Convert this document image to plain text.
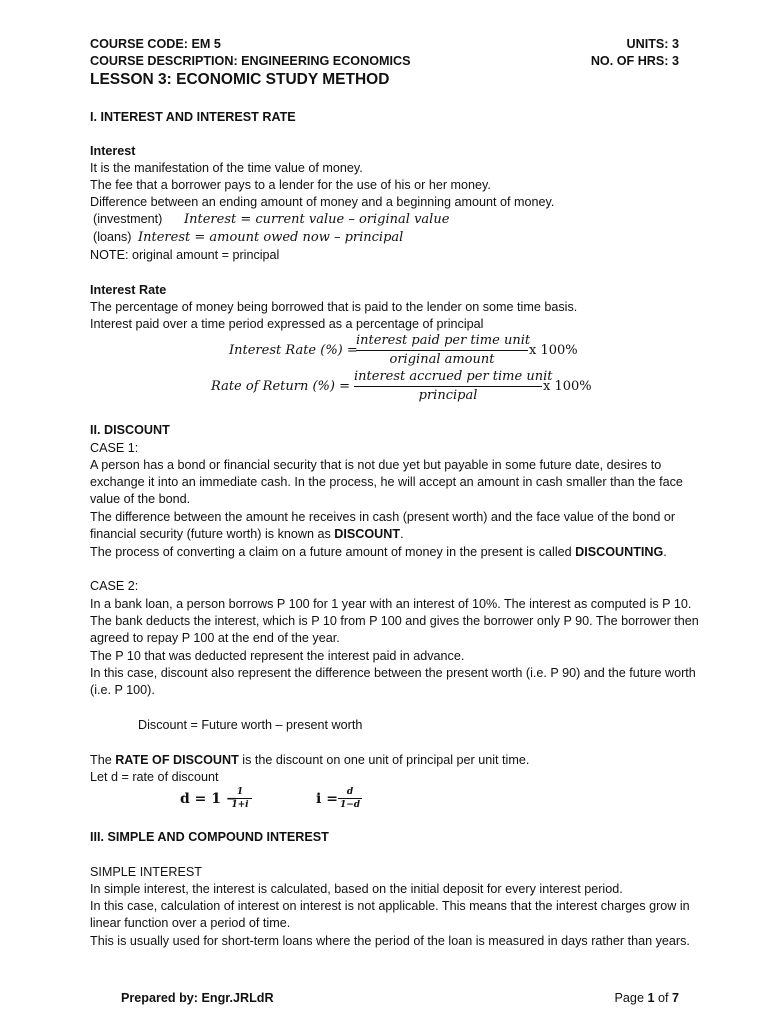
COURSE CODE: EM 5	UNITS: 3
COURSE DESCRIPTION: ENGINEERING ECONOMICS	NO. OF HRS: 3
LESSON 3: ECONOMIC STUDY METHOD
I. INTEREST AND INTEREST RATE
Interest
It is the manifestation of the time value of money.
The fee that a borrower pays to a lender for the use of his or her money.
Difference between an ending amount of money and a beginning amount of money.
(investment) Interest = current value – original value
(loans) Interest = amount owed now – principal
NOTE: original amount = principal
Interest Rate
The percentage of money being borrowed that is paid to the lender on some time basis.
Interest paid over a time period expressed as a percentage of principal
Interest Rate (%) =
interest paid per time unit
original amount
x 100%
Rate of Return (%) =
interest accrued per time unit
principal
x 100%
II. DISCOUNT
CASE 1:
A person has a bond or financial security that is not due yet but payable in some future date, desires to exchange it into an immediate cash. In the process, he will accept an amount in cash smaller than the face value of the bond.
The difference between the amount he receives in cash (present worth) and the face value of the bond or financial security (future worth) is known as DISCOUNT.
The process of converting a claim on a future amount of money in the present is called DISCOUNTING.
CASE 2:
In a bank loan, a person borrows P 100 for 1 year with an interest of 10%. The interest as computed is P 10. The bank deducts the interest, which is P 10 from P 100 and gives the borrower only P 90. The borrower then agreed to repay P 100 at the end of the year.
The P 10 that was deducted represent the interest paid in advance.
In this case, discount also represent the difference between the present worth (i.e. P 90) and the future worth (i.e. P 100).
Discount = Future worth – present worth
The RATE OF DISCOUNT is the discount on one unit of principal per unit time.
Let d = rate of discount
d = 1 − 1
1+i	i = d
1−d
III. SIMPLE AND COMPOUND INTEREST
SIMPLE INTEREST
In simple interest, the interest is calculated, based on the initial deposit for every interest period.
In this case, calculation of interest on interest is not applicable. This means that the interest charges grow in linear function over a period of time.
This is usually used for short-term loans where the period of the loan is measured in days rather than years.
Prepared by: Engr.JRLdR	Page 1 of 7
